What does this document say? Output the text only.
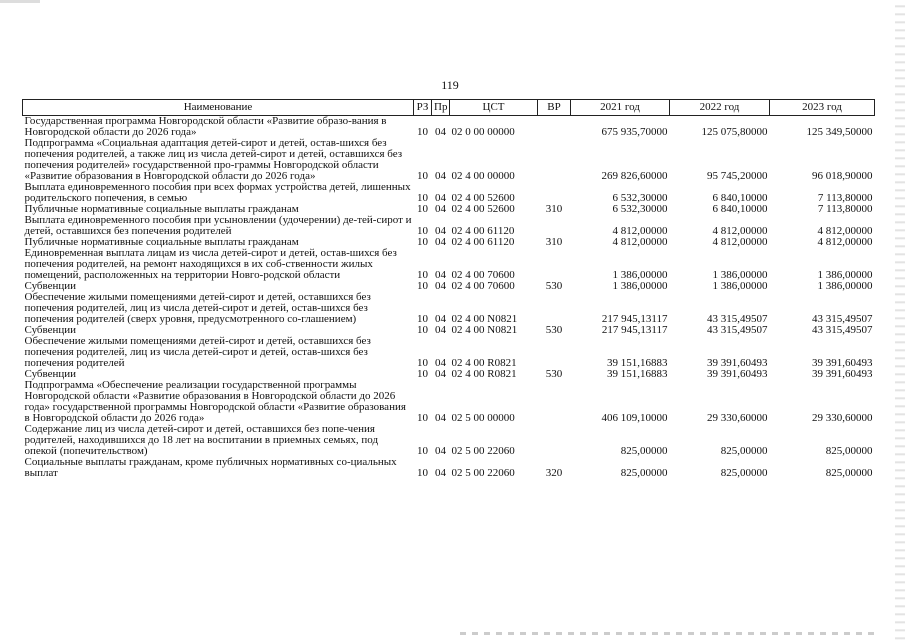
119
Наименование	РЗ	Пр	ЦСТ	ВР	2021 год	2022 год	2023 год
Государственная программа Новгородской области «Развитие образо-вания в Новгородской области до 2026 года»	10	04	02 0 00 00000		675 935,70000	125 075,80000	125 349,50000
Подпрограмма «Социальная адаптация детей-сирот и детей, остав-шихся без попечения родителей, а также лиц из числа детей-сирот и детей, оставшихся без попечения родителей» государственной про-граммы Новгородской области «Развитие образования в Новгородской области до 2026 года»	10	04	02 4 00 00000		269 826,60000	95 745,20000	96 018,90000
Выплата единовременного пособия при всех формах устройства детей, лишенных родительского попечения, в семью	10	04	02 4 00 52600		6 532,30000	6 840,10000	7 113,80000
Публичные нормативные социальные выплаты гражданам	10	04	02 4 00 52600	310	6 532,30000	6 840,10000	7 113,80000
Выплата единовременного пособия при усыновлении (удочерении) де-тей-сирот и детей, оставшихся без попечения родителей	10	04	02 4 00 61120		4 812,00000	4 812,00000	4 812,00000
Публичные нормативные социальные выплаты гражданам	10	04	02 4 00 61120	310	4 812,00000	4 812,00000	4 812,00000
Единовременная выплата лицам из числа детей-сирот и детей, остав-шихся без попечения родителей, на ремонт находящихся в их соб-ственности жилых помещений, расположенных на территории Новго-родской области	10	04	02 4 00 70600		1 386,00000	1 386,00000	1 386,00000
Субвенции	10	04	02 4 00 70600	530	1 386,00000	1 386,00000	1 386,00000
Обеспечение жилыми помещениями детей-сирот и детей, оставшихся без попечения родителей, лиц из числа детей-сирот и детей, остав-шихся без попечения родителей (сверх уровня, предусмотренного со-глашением)	10	04	02 4 00 N0821		217 945,13117	43 315,49507	43 315,49507
Субвенции	10	04	02 4 00 N0821	530	217 945,13117	43 315,49507	43 315,49507
Обеспечение жилыми помещениями детей-сирот и детей, оставшихся без попечения родителей, лиц из числа детей-сирот и детей, остав-шихся без попечения родителей	10	04	02 4 00 R0821		39 151,16883	39 391,60493	39 391,60493
Субвенции	10	04	02 4 00 R0821	530	39 151,16883	39 391,60493	39 391,60493
Подпрограмма «Обеспечение реализации государственной программы Новгородской области «Развитие образования в Новгородской области до 2026 года» государственной программы Новгородской области «Развитие образования в Новгородской области до 2026 года»	10	04	02 5 00 00000		406 109,10000	29 330,60000	29 330,60000
Содержание лиц из числа детей-сирот и детей, оставшихся без попе-чения родителей, находившихся до 18 лет на воспитании в приемных семьях, под опекой (попечительством)	10	04	02 5 00 22060		825,00000	825,00000	825,00000
Социальные выплаты гражданам, кроме публичных нормативных со-циальных выплат	10	04	02 5 00 22060	320	825,00000	825,00000	825,00000
